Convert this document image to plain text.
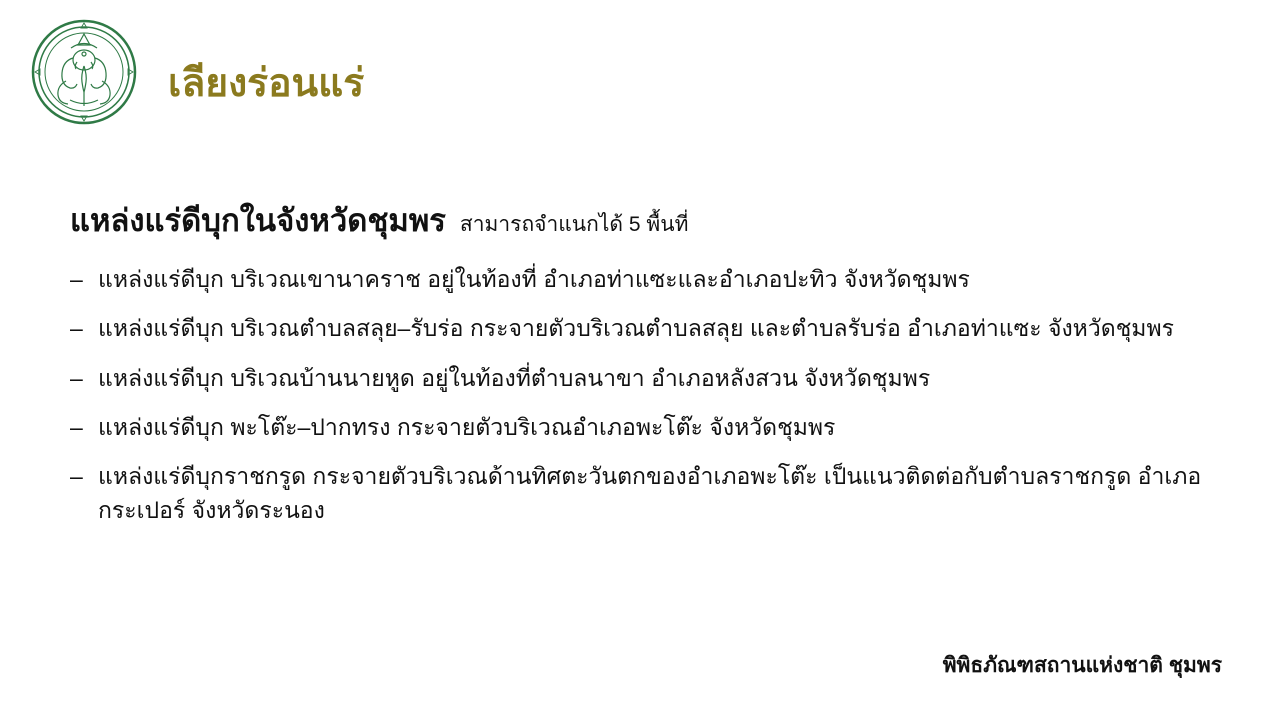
เลียงร่อนแร่
แหล่งแร่ดีบุกในจังหวัดชุมพร สามารถจำแนกได้ 5 พื้นที่
– แหล่งแร่ดีบุก บริเวณเขานาคราช อยู่ในท้องที่ อำเภอท่าแซะและอำเภอปะทิว จังหวัดชุมพร
– แหล่งแร่ดีบุก บริเวณตำบลสลุย–รับร่อ กระจายตัวบริเวณตำบลสลุย และตำบลรับร่อ อำเภอท่าแซะ จังหวัดชุมพร
– แหล่งแร่ดีบุก บริเวณบ้านนายหูด อยู่ในท้องที่ตำบลนาขา อำเภอหลังสวน จังหวัดชุมพร
– แหล่งแร่ดีบุก พะโต๊ะ–ปากทรง กระจายตัวบริเวณอำเภอพะโต๊ะ จังหวัดชุมพร
– แหล่งแร่ดีบุกราชกรูด กระจายตัวบริเวณด้านทิศตะวันตกของอำเภอพะโต๊ะ เป็นแนวติดต่อกับตำบลราชกรูด อำเภอกระเปอร์ จังหวัดระนอง
พิพิธภัณฑสถานแห่งชาติ ชุมพร
